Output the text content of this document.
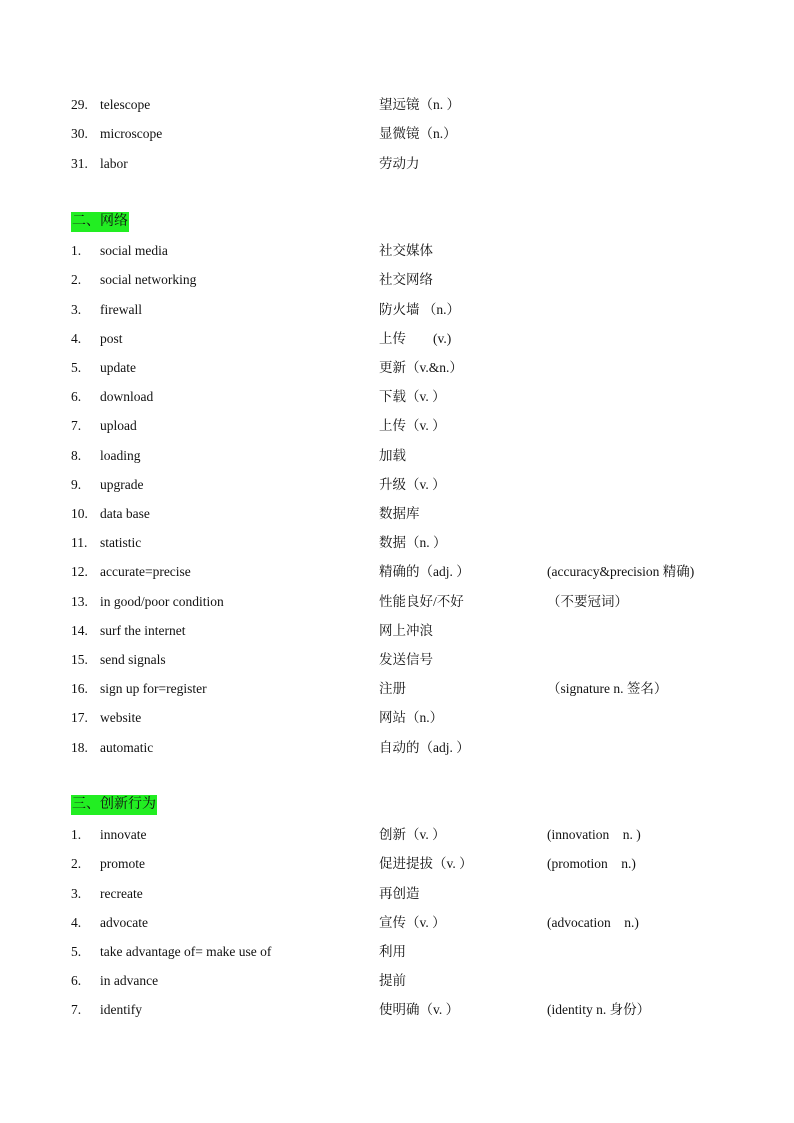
29. telescope	望远镜（n. ）
30. microscope	显微镜（n.）
31. labor	劳动力
二、网络
1. social media	社交媒体
2. social networking	社交网络
3. firewall	防火墙 （n.）
4. post	上传　　(v.)
5. update	更新（v.&n.）
6. download	下载（v. ）
7. upload	上传（v. ）
8. loading	加载
9. upgrade	升级（v. ）
10. data base	数据库
11. statistic	数据（n. ）
12. accurate=precise	精确的（adj. ）	(accuracy&precision 精确)
13. in good/poor condition	性能良好/不好	（不要冠词）
14. surf the internet	网上冲浪
15. send signals	发送信号
16. sign up for=register	注册	（signature n. 签名）
17. website	网站（n.）
18. automatic	自动的（adj. ）
三、创新行为
1. innovate	创新（v. ）	(innovation　n. )
2. promote	促进提拔（v. ）	(promotion　n.)
3. recreate	再创造
4. advocate	宣传（v. ）	(advocation　n.)
5. take advantage of= make use of	利用
6. in advance	提前
7. identify	使明确（v. ）	(identity n. 身份）
